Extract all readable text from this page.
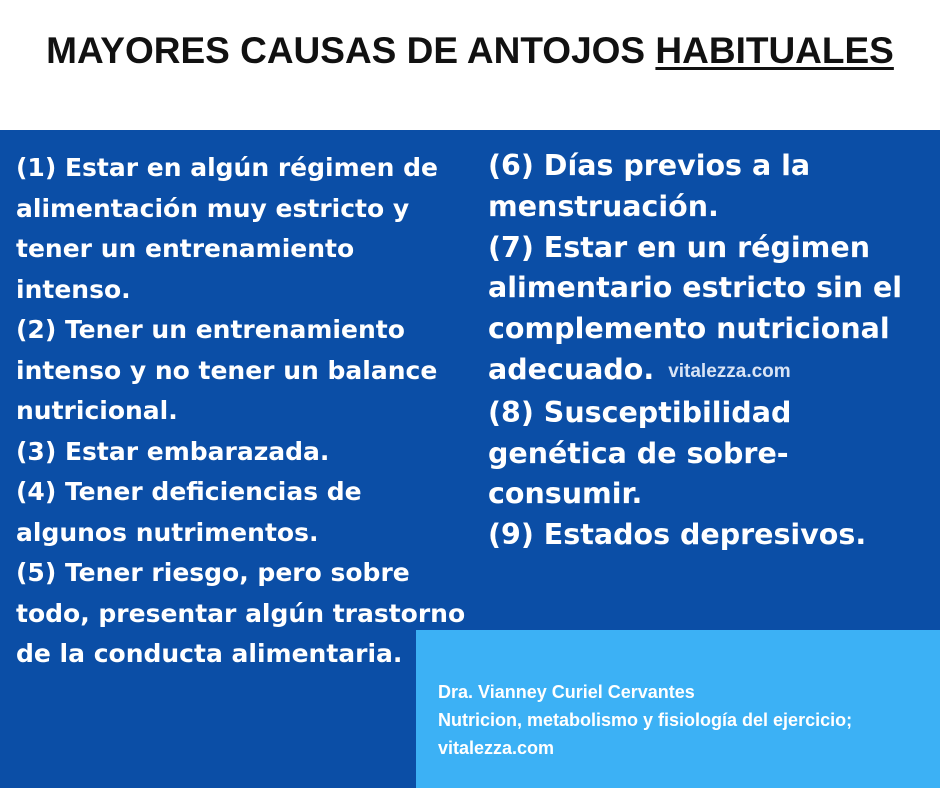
MAYORES CAUSAS DE ANTOJOS HABITUALES
(1) Estar en algún régimen de alimentación muy estricto y tener un entrenamiento intenso.
(2) Tener un entrenamiento intenso y no tener un balance nutricional.
(3) Estar embarazada.
(4) Tener deficiencias de algunos nutrimentos.
(5) Tener riesgo, pero sobre todo, presentar algún trastorno de la conducta alimentaria.
(6) Días previos a la menstruación.
(7) Estar en un régimen alimentario estricto sin el complemento nutricional adecuado. vitalezza.com
(8) Susceptibilidad genética de sobre-consumir.
(9) Estados depresivos.
Dra. Vianney Curiel Cervantes
Nutricion, metabolismo y fisiología del ejercicio;
vitalezza.com
